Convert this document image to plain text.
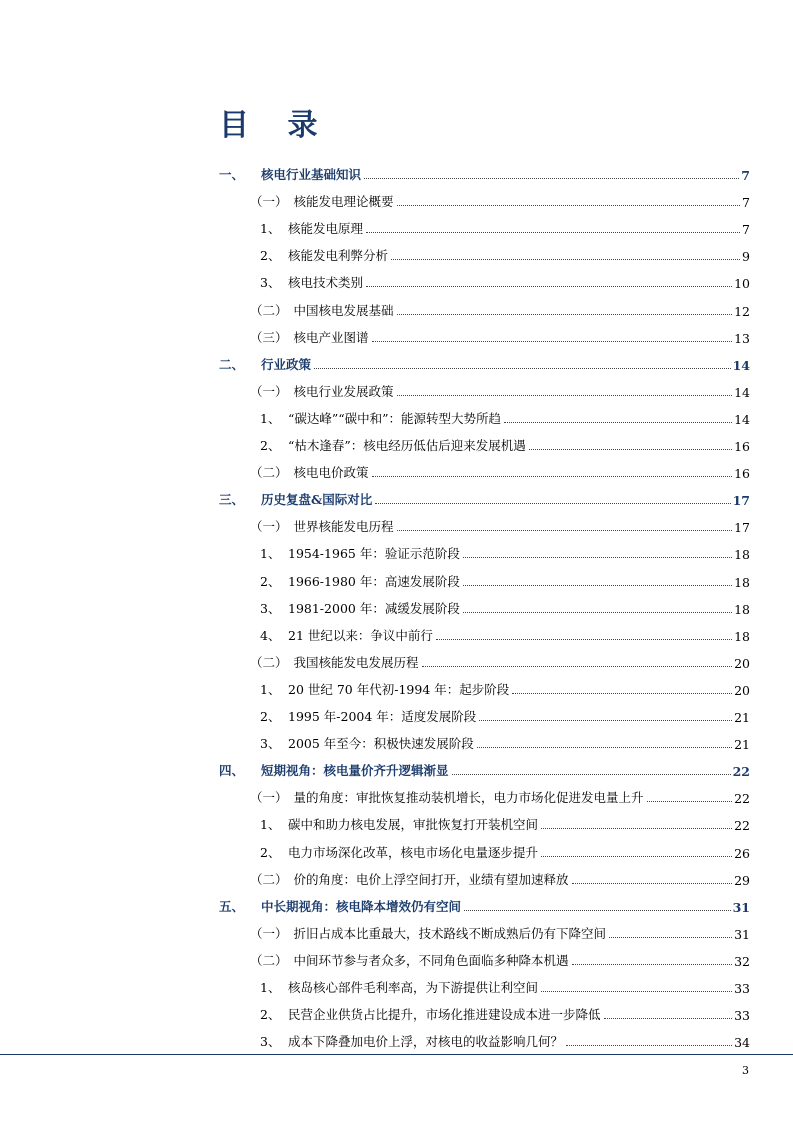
目 录
一、	核电行业基础知识	7
（一） 核能发电理论概要	7
1、 核能发电原理	7
2、 核能发电利弊分析	9
3、 核电技术类别	10
（二） 中国核电发展基础	12
（三） 核电产业图谱	13
二、	行业政策	14
（一） 核电行业发展政策	14
1、 “碳达峰”“碳中和”：能源转型大势所趋	14
2、 “枯木逢春”：核电经历低估后迎来发展机遇	16
（二） 核电电价政策	16
三、	历史复盘&国际对比	17
（一） 世界核能发电历程	17
1、 1954-1965 年：验证示范阶段	18
2、 1966-1980 年：高速发展阶段	18
3、 1981-2000 年：减缓发展阶段	18
4、 21 世纪以来：争议中前行	18
（二） 我国核能发电发展历程	20
1、 20 世纪 70 年代初-1994 年：起步阶段	20
2、 1995 年-2004 年：适度发展阶段	21
3、 2005 年至今：积极快速发展阶段	21
四、	短期视角：核电量价齐升逻辑渐显	22
（一） 量的角度：审批恢复推动装机增长，电力市场化促进发电量上升	22
1、 碳中和助力核电发展，审批恢复打开装机空间	22
2、 电力市场深化改革，核电市场化电量逐步提升	26
（二） 价的角度：电价上浮空间打开，业绩有望加速释放	29
五、	中长期视角：核电降本增效仍有空间	31
（一） 折旧占成本比重最大，技术路线不断成熟后仍有下降空间	31
（二） 中间环节参与者众多，不同角色面临多种降本机遇	32
1、 核岛核心部件毛利率高，为下游提供让利空间	33
2、 民营企业供货占比提升，市场化推进建设成本进一步降低	33
3、 成本下降叠加电价上浮，对核电的收益影响几何？	34
3
